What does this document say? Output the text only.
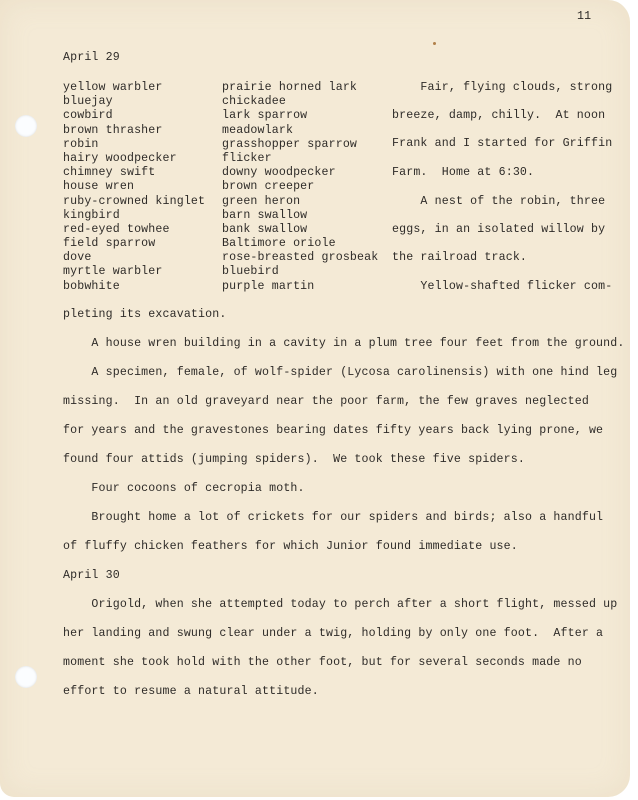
11
April 29
yellow warbler
bluejay
cowbird
brown thrasher
robin
hairy woodpecker
chimney swift
house wren
ruby-crowned kinglet
kingbird
red-eyed towhee
field sparrow
dove
myrtle warbler
bobwhite
prairie horned lark
chickadee
lark sparrow
meadowlark
grasshopper sparrow
flicker
downy woodpecker
brown creeper
green heron
barn swallow
bank swallow
Baltimore oriole
rose-breasted grosbeak
bluebird
purple martin
Fair, flying clouds, strong
breeze, damp, chilly.  At noon
Frank and I started for Griffin
Farm.  Home at 6:30.
A nest of the robin, three
eggs, in an isolated willow by
the railroad track.
Yellow-shafted flicker com-
pleting its excavation.
A house wren building in a cavity in a plum tree four feet from the ground.
A specimen, female, of wolf-spider (Lycosa carolinensis) with one hind leg
missing.  In an old graveyard near the poor farm, the few graves neglected
for years and the gravestones bearing dates fifty years back lying prone, we
found four attids (jumping spiders).  We took these five spiders.
Four cocoons of cecropia moth.
Brought home a lot of crickets for our spiders and birds; also a handful
of fluffy chicken feathers for which Junior found immediate use.
April 30
Origold, when she attempted today to perch after a short flight, messed up
her landing and swung clear under a twig, holding by only one foot.  After a
moment she took hold with the other foot, but for several seconds made no
effort to resume a natural attitude.
